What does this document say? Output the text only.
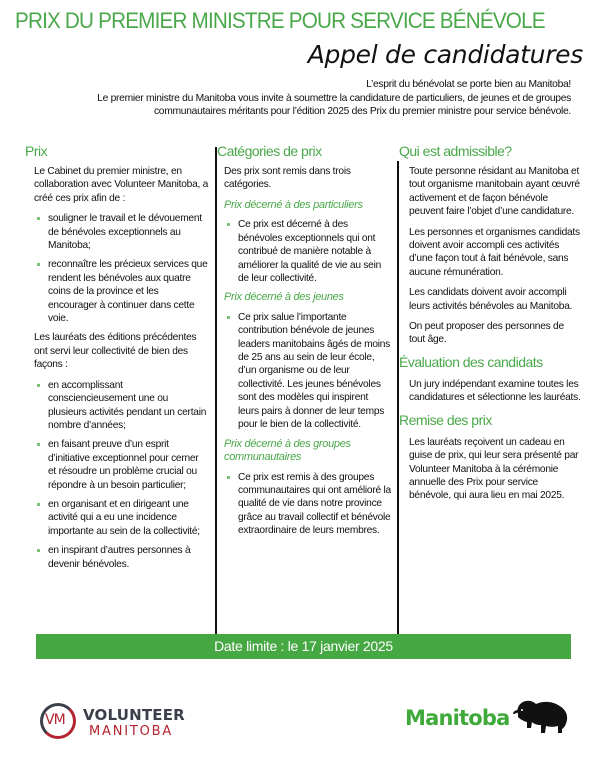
PRIX DU PREMIER MINISTRE POUR SERVICE BÉNÉVOLE
Appel de candidatures

L’esprit du bénévolat se porte bien au Manitoba!

Le premier ministre du Manitoba vous invite à soumettre la candidature de particuliers, de jeunes et de groupes

communautaires méritants pour l’édition 2025 des Prix du premier ministre pour service bénévole.

Prix

Le Cabinet du premier ministre, en collaboration avec Volunteer Manitoba, a créé ces prix afin de :

souligner le travail et le dévouement de bénévoles exceptionnels au Manitoba;
reconnaître les précieux services que rendent les bénévoles aux quatre coins de la province et les encourager à continuer dans cette voie.

Les lauréats des éditions précédentes ont servi leur collectivité de bien des façons :

en accomplissant consciencieusement une ou plusieurs activités pendant un certain nombre d’années;
en faisant preuve d’un esprit d’initiative exceptionnel pour cerner et résoudre un problème crucial ou répondre à un besoin particulier;
en organisant et en dirigeant une activité qui a eu une incidence importante au sein de la collectivité;
en inspirant d’autres personnes à devenir bénévoles.
Catégories de prix

Des prix sont remis dans trois catégories.

Prix décerné à des particuliers
Ce prix est décerné à des bénévoles exceptionnels qui ont contribué de manière notable à améliorer la qualité de vie au sein de leur collectivité.
Prix décerné à des jeunes
Ce prix salue l’importante contribution bénévole de jeunes leaders manitobains âgés de moins de 25 ans au sein de leur école, d’un organisme ou de leur collectivité. Les jeunes bénévoles sont des modèles qui inspirent leurs pairs à donner de leur temps pour le bien de la collectivité.
Prix décerné à des groupes communautaires
Ce prix est remis à des groupes communautaires qui ont amélioré la qualité de vie dans notre province grâce au travail collectif et bénévole extraordinaire de leurs membres.
Qui est admissible?

Toute personne résidant au Manitoba et tout organisme manitobain ayant œuvré activement et de façon bénévole peuvent faire l’objet d’une candidature.

Les personnes et organismes candidats doivent avoir accompli ces activités d’une façon tout à fait bénévole, sans aucune rémunération.

Les candidats doivent avoir accompli leurs activités bénévoles au Manitoba.

On peut proposer des personnes de tout âge.

Évaluation des candidats

Un jury indépendant examine toutes les candidatures et sélectionne les lauréats.

Remise des prix

Les lauréats reçoivent un cadeau en guise de prix, qui leur sera présenté par Volunteer Manitoba à la cérémonie annuelle des Prix pour service bénévole, qui aura lieu en mai 2025.

Date limite : le 17 janvier 2025
VM VOLUNTEER
MANITOBA
Manitoba
